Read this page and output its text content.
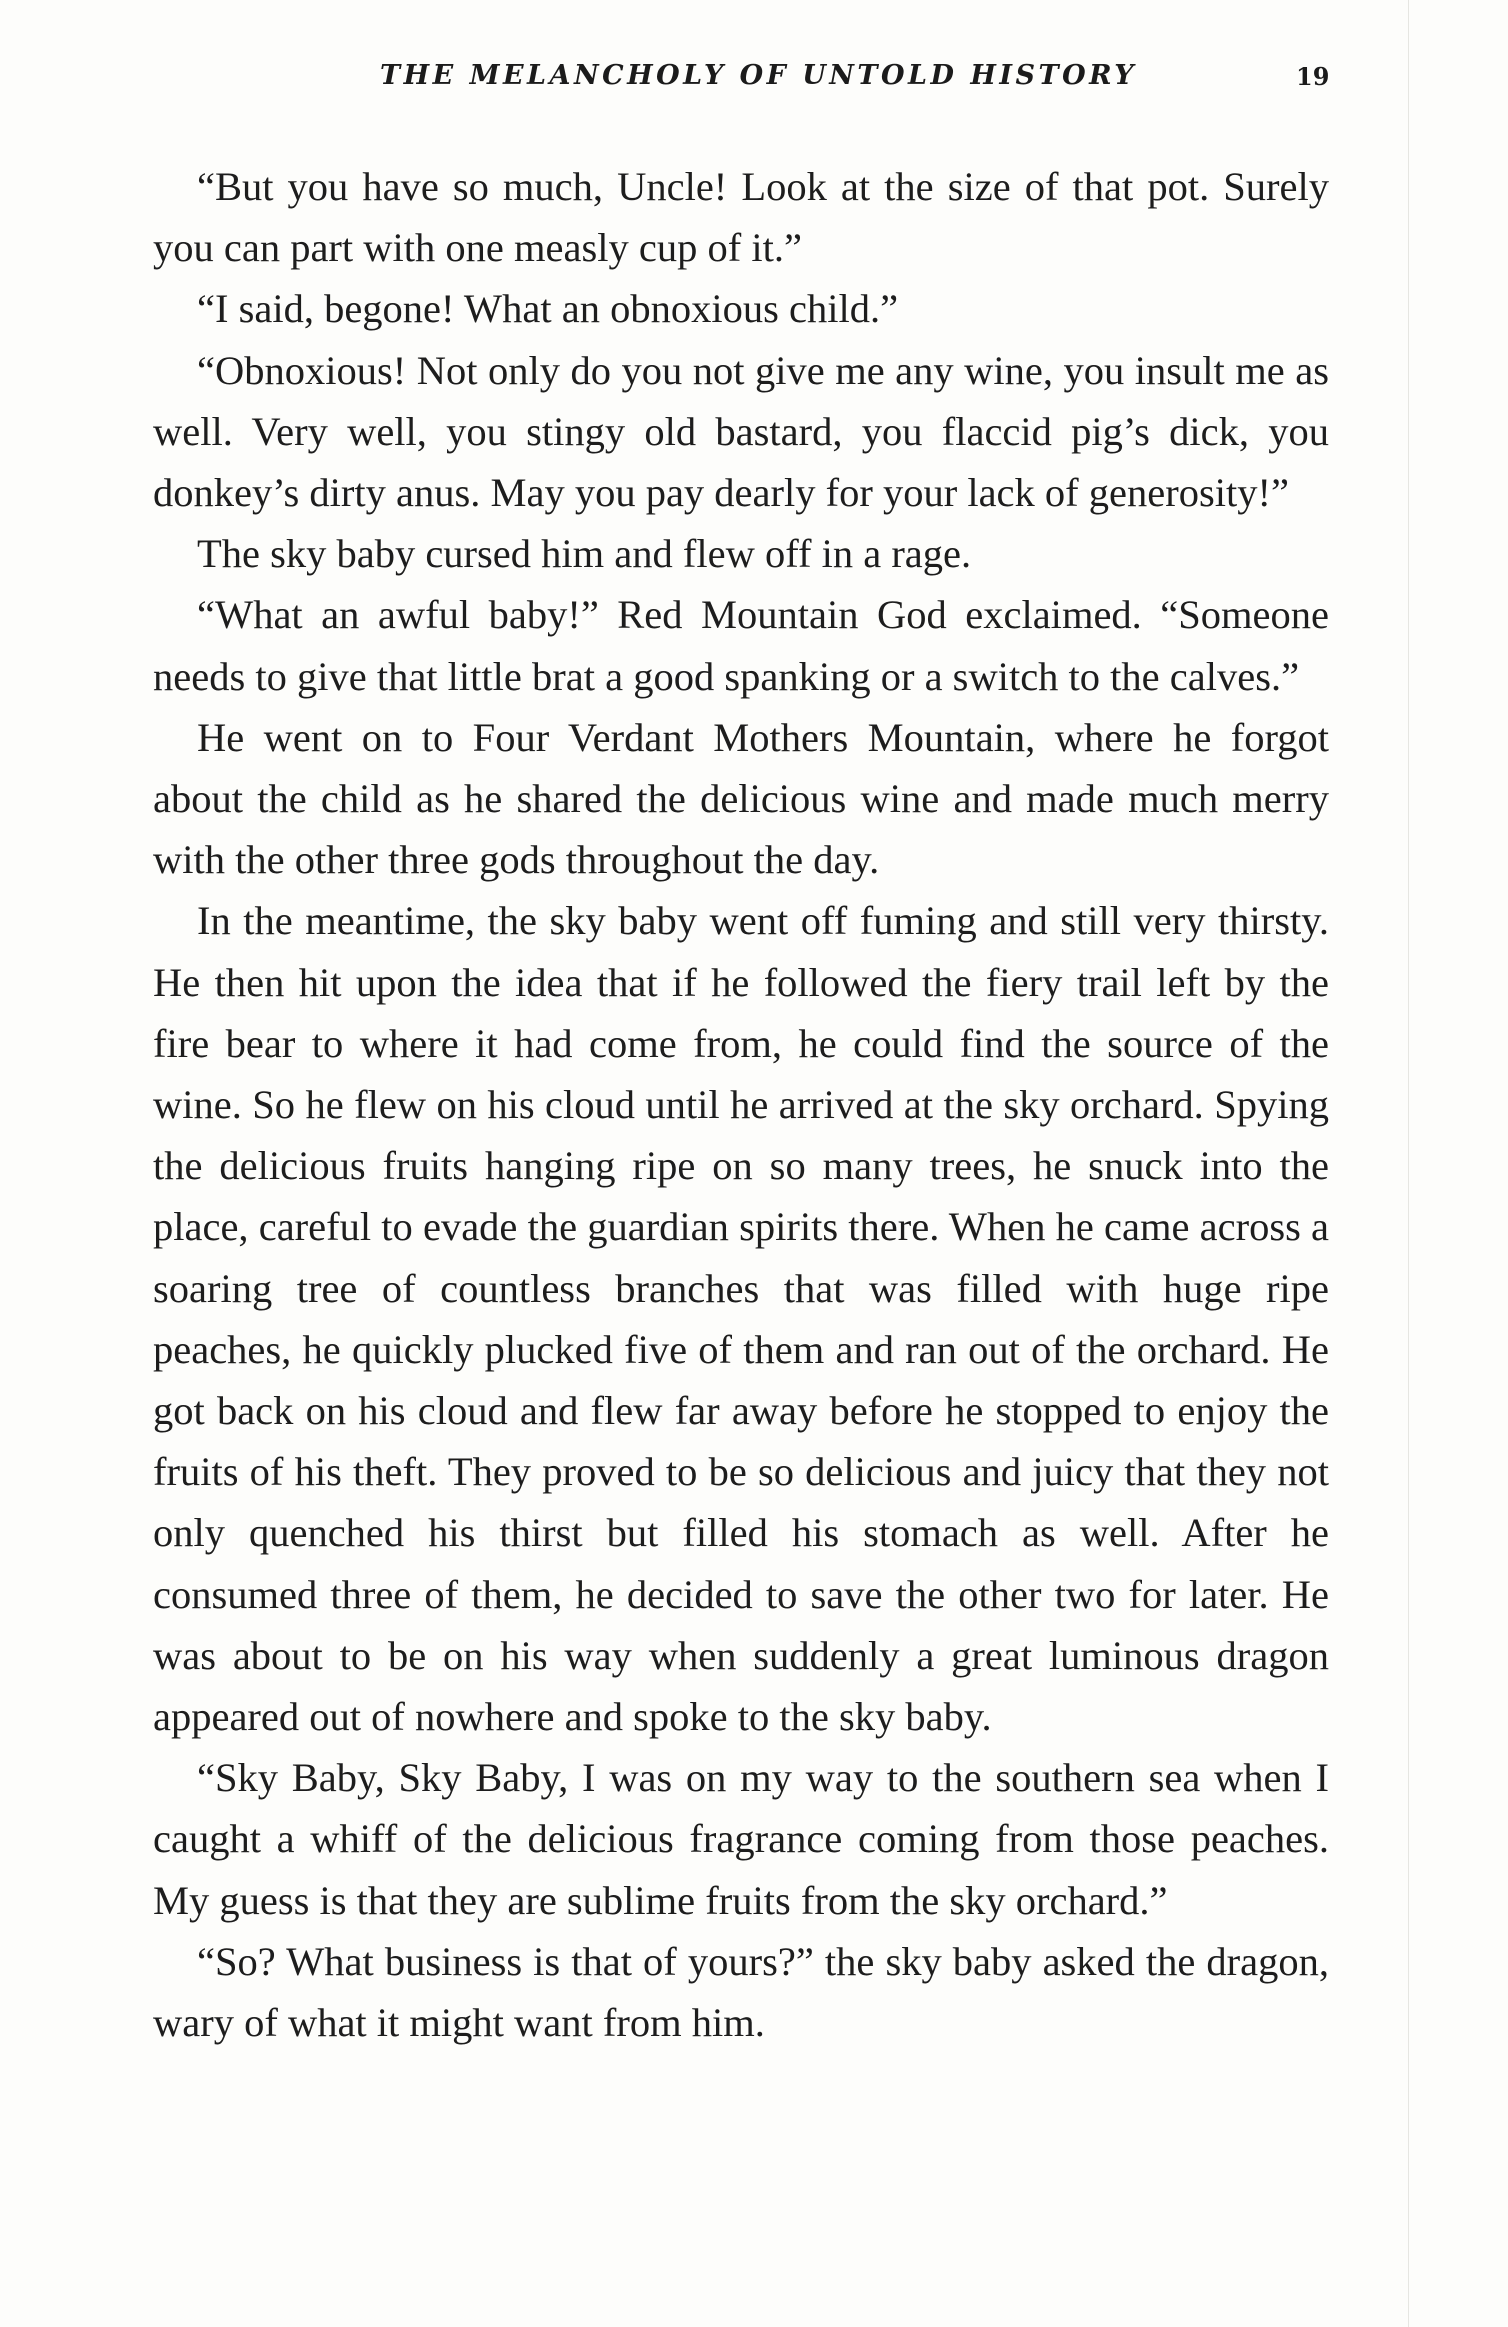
THE MELANCHOLY OF UNTOLD HISTORY	19

“But you have so much, Uncle! Look at the size of that pot. Surely you can part with one measly cup of it.”

“I said, begone! What an obnoxious child.”

“Obnoxious! Not only do you not give me any wine, you insult me as well. Very well, you stingy old bastard, you flaccid pig’s dick, you donkey’s dirty anus. May you pay dearly for your lack of generosity!”

The sky baby cursed him and flew off in a rage.

“What an awful baby!” Red Mountain God exclaimed. “Someone needs to give that little brat a good spanking or a switch to the calves.”

He went on to Four Verdant Mothers Mountain, where he forgot about the child as he shared the delicious wine and made much merry with the other three gods throughout the day.

In the meantime, the sky baby went off fuming and still very thirsty. He then hit upon the idea that if he followed the fiery trail left by the fire bear to where it had come from, he could find the source of the wine. So he flew on his cloud until he arrived at the sky orchard. Spying the delicious fruits hanging ripe on so many trees, he snuck into the place, careful to evade the guardian spirits there. When he came across a soaring tree of countless branches that was filled with huge ripe peaches, he quickly plucked five of them and ran out of the orchard. He got back on his cloud and flew far away before he stopped to enjoy the fruits of his theft. They proved to be so delicious and juicy that they not only quenched his thirst but filled his stomach as well. After he consumed three of them, he decided to save the other two for later. He was about to be on his way when suddenly a great luminous dragon appeared out of nowhere and spoke to the sky baby.

“Sky Baby, Sky Baby, I was on my way to the southern sea when I caught a whiff of the delicious fragrance coming from those peaches. My guess is that they are sublime fruits from the sky orchard.”

“So? What business is that of yours?” the sky baby asked the dragon, wary of what it might want from him.
